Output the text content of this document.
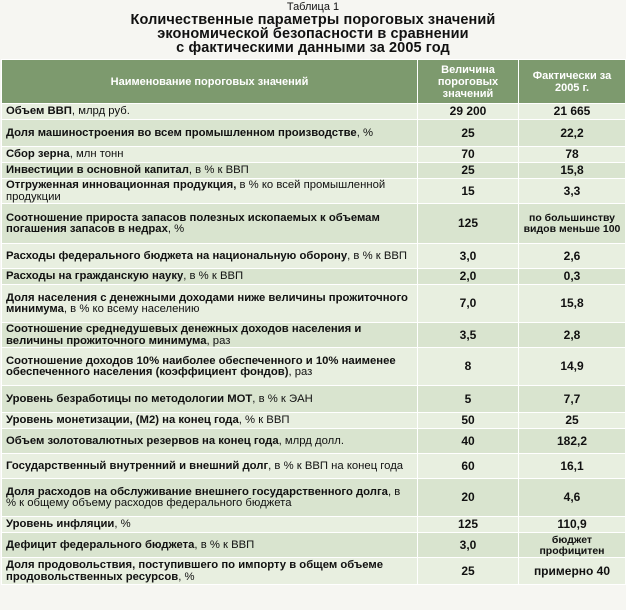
Таблица 1
Количественные параметры пороговых значений
экономической безопасности в сравнении
с фактическими данными за 2005 год
Наименование пороговых значений	Величина пороговых значений	Фактически за 2005 г.
Объем ВВП, млрд руб.	29 200	21 665
Доля машиностроения во всем промышленном производстве, %	25	22,2
Сбор зерна, млн тонн	70	78
Инвестиции в основной капитал, в % к ВВП	25	15,8
Отгруженная инновационная продукция, в % ко всей промышленной продукции	15	3,3
Соотношение прироста запасов полезных ископаемых к объемам погашения запасов в недрах, %	125	по большинству видов меньше 100
Расходы федерального бюджета на национальную оборону, в % к ВВП	3,0	2,6
Расходы на гражданскую науку, в % к ВВП	2,0	0,3
Доля населения с денежными доходами ниже величины прожиточного минимума, в % ко всему населению	7,0	15,8
Соотношение среднедушевых денежных доходов населения и величины прожиточного минимума, раз	3,5	2,8
Соотношение доходов 10% наиболее обеспеченного и 10% наименее обеспеченного населения (коэффициент фондов), раз	8	14,9
Уровень безработицы по методологии МОТ, в % к ЭАН	5	7,7
Уровень монетизации, (М2) на конец года, % к ВВП	50	25
Объем золотовалютных резервов на конец года, млрд долл.	40	182,2
Государственный внутренний и внешний долг, в % к ВВП на конец года	60	16,1
Доля расходов на обслуживание внешнего государственного долга, в % к общему объему расходов федерального бюджета	20	4,6
Уровень инфляции, %	125	110,9
Дефицит федерального бюджета, в % к ВВП	3,0	бюджет профицитен
Доля продовольствия, поступившего по импорту в общем объеме продовольственных ресурсов, %	25	примерно 40
